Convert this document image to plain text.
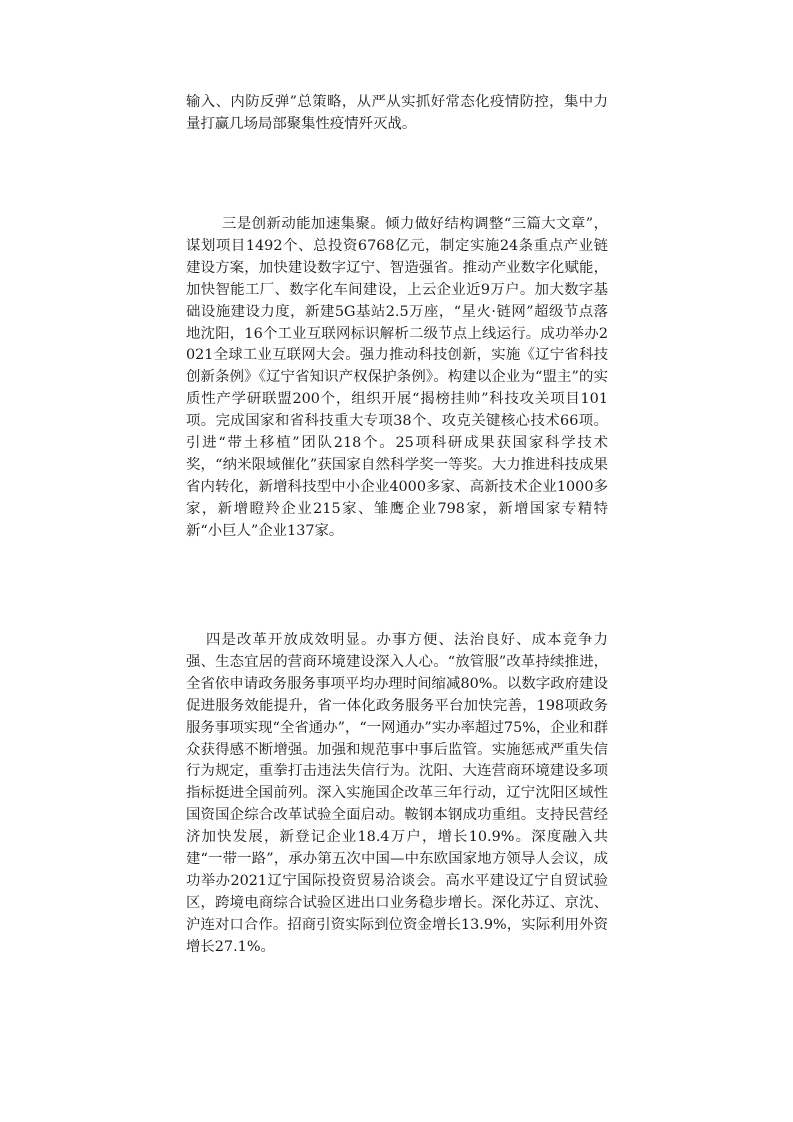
输入、内防反弹”总策略，从严从实抓好常态化疫情防控，集中力量打赢几场局部聚集性疫情歼灭战。

三是创新动能加速集聚。倾力做好结构调整“三篇大文章”，谋划项目1492个、总投资6768亿元，制定实施24条重点产业链建设方案，加快建设数字辽宁、智造强省。推动产业数字化赋能，加快智能工厂、数字化车间建设，上云企业近9万户。加大数字基础设施建设力度，新建5G基站2.5万座，“星火·链网”超级节点落地沈阳，16个工业互联网标识解析二级节点上线运行。成功举办2021全球工业互联网大会。强力推动科技创新，实施《辽宁省科技创新条例》《辽宁省知识产权保护条例》。构建以企业为“盟主”的实质性产学研联盟200个，组织开展“揭榜挂帅”科技攻关项目101项。完成国家和省科技重大专项38个、攻克关键核心技术66项。引进“带土移植”团队218个。25项科研成果获国家科学技术奖，“纳米限域催化”获国家自然科学奖一等奖。大力推进科技成果省内转化，新增科技型中小企业4000多家、高新技术企业1000多家，新增瞪羚企业215家、雏鹰企业798家，新增国家专精特新“小巨人”企业137家。

四是改革开放成效明显。办事方便、法治良好、成本竞争力强、生态宜居的营商环境建设深入人心。“放管服”改革持续推进，全省依申请政务服务事项平均办理时间缩减80%。以数字政府建设促进服务效能提升，省一体化政务服务平台加快完善，198项政务服务事项实现“全省通办”，“一网通办”实办率超过75%，企业和群众获得感不断增强。加强和规范事中事后监管。实施惩戒严重失信行为规定，重拳打击违法失信行为。沈阳、大连营商环境建设多项指标挺进全国前列。深入实施国企改革三年行动，辽宁沈阳区域性国资国企综合改革试验全面启动。鞍钢本钢成功重组。支持民营经济加快发展，新登记企业18.4万户，增长10.9%。深度融入共建“一带一路”，承办第五次中国—中东欧国家地方领导人会议，成功举办2021辽宁国际投资贸易洽谈会。高水平建设辽宁自贸试验区，跨境电商综合试验区进出口业务稳步增长。深化苏辽、京沈、沪连对口合作。招商引资实际到位资金增长13.9%，实际利用外资增长27.1%。
